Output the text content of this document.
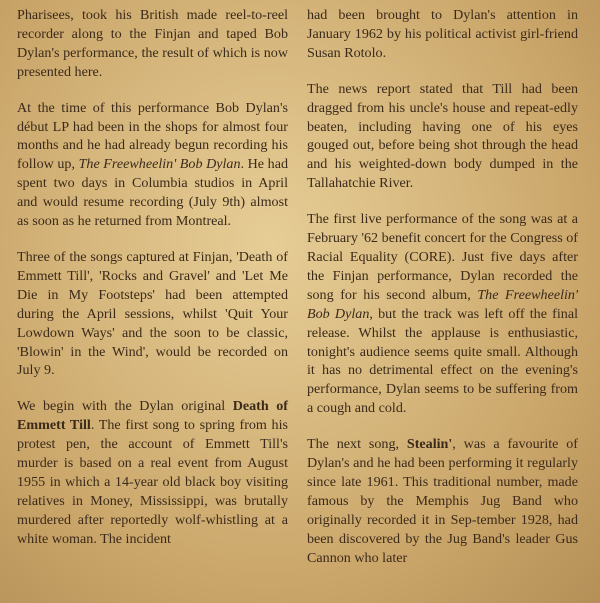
Pharisees, took his British made reel-to-reel recorder along to the Finjan and taped Bob Dylan's performance, the result of which is now presented here.

At the time of this performance Bob Dylan's début LP had been in the shops for almost four months and he had already begun recording his follow up, The Freewheelin' Bob Dylan. He had spent two days in Columbia studios in April and would resume recording (July 9th) almost as soon as he returned from Montreal.

Three of the songs captured at Finjan, 'Death of Emmett Till', 'Rocks and Gravel' and 'Let Me Die in My Footsteps' had been attempted during the April sessions, whilst 'Quit Your Lowdown Ways' and the soon to be classic, 'Blowin' in the Wind', would be recorded on July 9.

We begin with the Dylan original Death of Emmett Till. The first song to spring from his protest pen, the account of Emmett Till's murder is based on a real event from August 1955 in which a 14-year old black boy visiting relatives in Money, Mississippi, was brutally murdered after reportedly wolf-whistling at a white woman. The incident

had been brought to Dylan's attention in January 1962 by his political activist girl-friend Susan Rotolo.

The news report stated that Till had been dragged from his uncle's house and repeat-edly beaten, including having one of his eyes gouged out, before being shot through the head and his weighted-down body dumped in the Tallahatchie River.

The first live performance of the song was at a February '62 benefit concert for the Congress of Racial Equality (CORE). Just five days after the Finjan performance, Dylan recorded the song for his second album, The Freewheelin' Bob Dylan, but the track was left off the final release. Whilst the applause is enthusiastic, tonight's audience seems quite small. Although it has no detrimental effect on the evening's performance, Dylan seems to be suffering from a cough and cold.

The next song, Stealin', was a favourite of Dylan's and he had been performing it regularly since late 1961. This traditional number, made famous by the Memphis Jug Band who originally recorded it in Sep-tember 1928, had been discovered by the Jug Band's leader Gus Cannon who later
